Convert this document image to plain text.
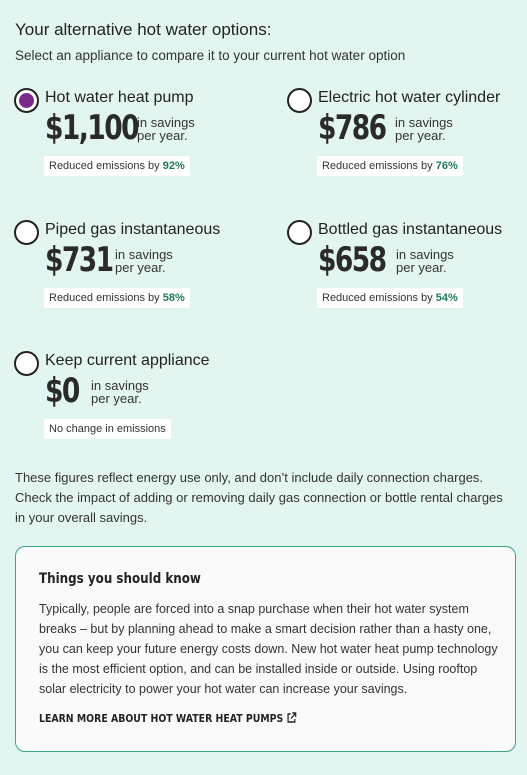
Your alternative hot water options:
Select an appliance to compare it to your current hot water option
Hot water heat pump
$1,100 in savings
per year.
Reduced emissions by 92%
Electric hot water cylinder
$786 in savings
per year.
Reduced emissions by 76%
Piped gas instantaneous
$731 in savings
per year.
Reduced emissions by 58%
Bottled gas instantaneous
$658 in savings
per year.
Reduced emissions by 54%
Keep current appliance
$0 in savings
per year.
No change in emissions
These figures reflect energy use only, and don’t include daily connection charges. Check the impact of adding or removing daily gas connection or bottle rental charges in your overall savings.
Things you should know
Typically, people are forced into a snap purchase when their hot water system breaks – but by planning ahead to make a smart decision rather than a hasty one, you can keep your future energy costs down. New hot water heat pump technology is the most efficient option, and can be installed inside or outside. Using rooftop solar electricity to power your hot water can increase your savings.
LEARN MORE ABOUT HOT WATER HEAT PUMPS
